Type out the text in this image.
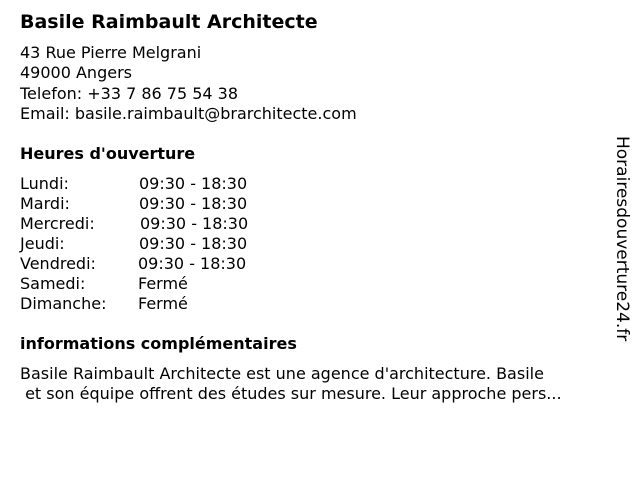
Basile Raimbault Architecte
43 Rue Pierre Melgrani
49000 Angers
Telefon: +33 7 86 75 54 38
Email: basile.raimbault@brarchitecte.com
Heures d'ouverture
Lundi:	09:30 - 18:30
Mardi:	09:30 - 18:30
Mercredi:	09:30 - 18:30
Jeudi:	09:30 - 18:30
Vendredi:	09:30 - 18:30
Samedi:	Fermé
Dimanche: Fermé
informations complémentaires
Basile Raimbault Architecte est une agence d'architecture. Basile
et son équipe offrent des études sur mesure. Leur approche pers...
Horairesdouverture24.fr
